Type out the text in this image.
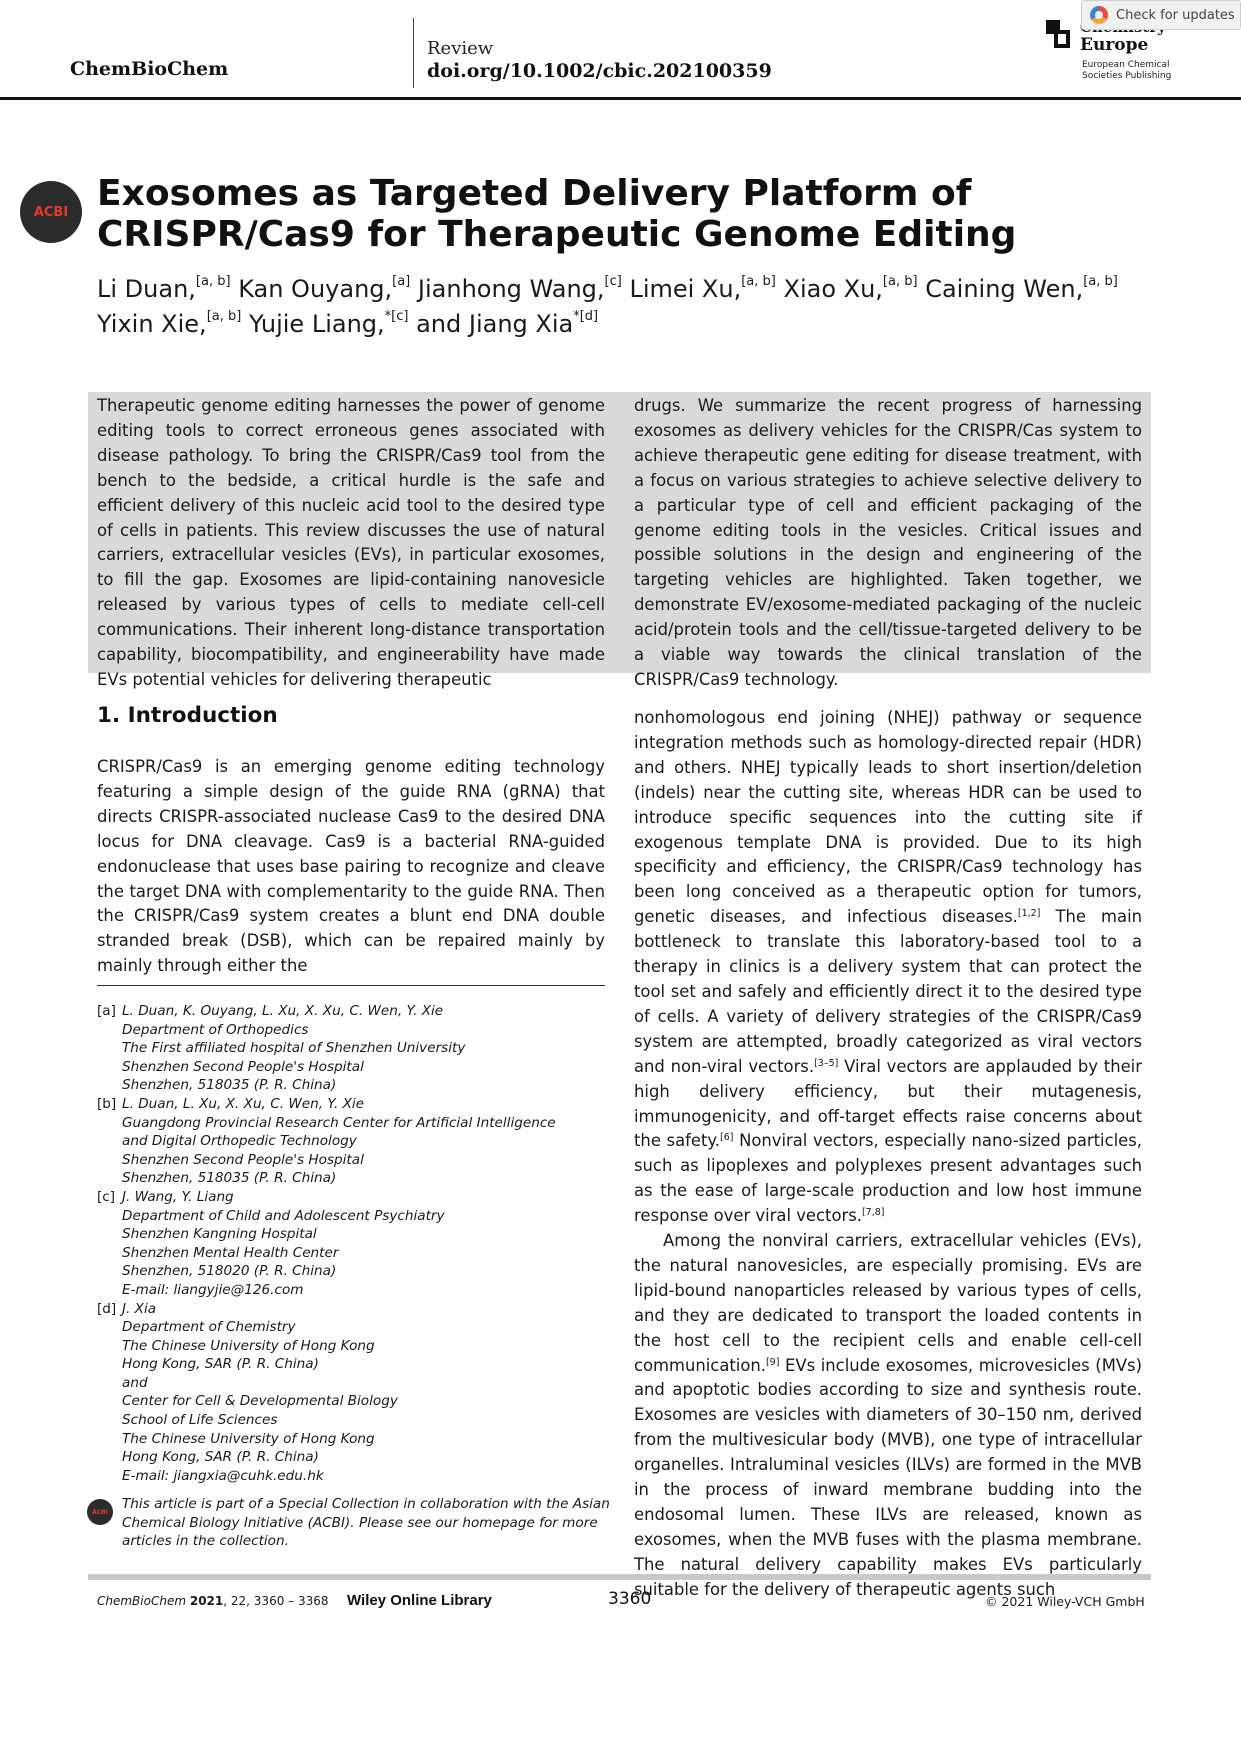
ChemBioChem
Review
doi.org/10.1002/cbic.202100359
Europe
European Chemical
Societies Publishing
Check for updates
ACBI Exosomes as Targeted Delivery Platform of CRISPR/Cas9 for Therapeutic Genome Editing
Li Duan,[a, b] Kan Ouyang,[a] Jianhong Wang,[c] Limei Xu,[a, b] Xiao Xu,[a, b] Caining Wen,[a, b] Yixin Xie,[a, b] Yujie Liang,$^{*[c]}$ and Jiang Xia$^{*[d]}$
Therapeutic genome editing harnesses the power of genome editing tools to correct erroneous genes associated with disease pathology. To bring the CRISPR/Cas9 tool from the bench to the bedside, a critical hurdle is the safe and efficient delivery of this nucleic acid tool to the desired type of cells in patients. This review discusses the use of natural carriers, extracellular vesicles (EVs), in particular exosomes, to fill the gap. Exosomes are lipid-containing nanovesicle released by various types of cells to mediate cell-cell communications. Their inherent long-distance transportation capability, biocompatibility, and engineerability have made EVs potential vehicles for delivering therapeutic
drugs. We summarize the recent progress of harnessing exosomes as delivery vehicles for the CRISPR/Cas system to achieve therapeutic gene editing for disease treatment, with a focus on various strategies to achieve selective delivery to a particular type of cell and efficient packaging of the genome editing tools in the vesicles. Critical issues and possible solutions in the design and engineering of the targeting vehicles are highlighted. Taken together, we demonstrate EV/exosome-mediated packaging of the nucleic acid/protein tools and the cell/tissue-targeted delivery to be a viable way towards the clinical translation of the CRISPR/Cas9 technology.
1. Introduction

CRISPR/Cas9 is an emerging genome editing technology featuring a simple design of the guide RNA (gRNA) that directs CRISPR-associated nuclease Cas9 to the desired DNA locus for DNA cleavage. Cas9 is a bacterial RNA-guided endonuclease that uses base pairing to recognize and cleave the target DNA with complementarity to the guide RNA. Then the CRISPR/Cas9 system creates a blunt end DNA double stranded break (DSB), which can be repaired mainly by mainly through either the

nonhomologous end joining (NHEJ) pathway or sequence integration methods such as homology-directed repair (HDR) and others. NHEJ typically leads to short insertion/deletion (indels) near the cutting site, whereas HDR can be used to introduce specific sequences into the cutting site if exogenous template DNA is provided. Due to its high specificity and efficiency, the CRISPR/Cas9 technology has been long conceived as a therapeutic option for tumors, genetic diseases, and infectious diseases.[1,2] The main bottleneck to translate this laboratory-based tool to a therapy in clinics is a delivery system that can protect the tool set and safely and efficiently direct it to the desired type of cells. A variety of delivery strategies of the CRISPR/Cas9 system are attempted, broadly categorized as viral vectors and non-viral vectors.[3–5] Viral vectors are applauded by their high delivery efficiency, but their mutagenesis, immunogenicity, and off-target effects raise concerns about the safety.[6] Nonviral vectors, especially nano-sized particles, such as lipoplexes and polyplexes present advantages such as the ease of large-scale production and low host immune response over viral vectors.[7,8]

Among the nonviral carriers, extracellular vehicles (EVs), the natural nanovesicles, are especially promising. EVs are lipid-bound nanoparticles released by various types of cells, and they are dedicated to transport the loaded contents in the host cell to the recipient cells and enable cell-cell communication.[9] EVs include exosomes, microvesicles (MVs) and apoptotic bodies according to size and synthesis route. Exosomes are vesicles with diameters of 30–150 nm, derived from the multivesicular body (MVB), one type of intracellular organelles. Intraluminal vesicles (ILVs) are formed in the MVB in the process of inward membrane budding into the endosomal lumen. These ILVs are released, known as exosomes, when the MVB fuses with the plasma membrane. The natural delivery capability makes EVs particularly suitable for the delivery of therapeutic agents such

[a] L. Duan, K. Ouyang, L. Xu, X. Xu, C. Wen, Y. Xie
Department of Orthopedics
The First affiliated hospital of Shenzhen University
Shenzhen Second People's Hospital
Shenzhen, 518035 (P. R. China)
[b] L. Duan, L. Xu, X. Xu, C. Wen, Y. Xie
Guangdong Provincial Research Center for Artificial Intelligence
and Digital Orthopedic Technology
Shenzhen Second People's Hospital
Shenzhen, 518035 (P. R. China)
[c] J. Wang, Y. Liang
Department of Child and Adolescent Psychiatry
Shenzhen Kangning Hospital
Shenzhen Mental Health Center
Shenzhen, 518020 (P. R. China)
E-mail: liangyjie@126.com
[d] J. Xia
Department of Chemistry
The Chinese University of Hong Kong
Hong Kong, SAR (P. R. China)
and
Center for Cell & Developmental Biology
School of Life Sciences
The Chinese University of Hong Kong
Hong Kong, SAR (P. R. China)
E-mail: jiangxia@cuhk.edu.hk
ACBI This article is part of a Special Collection in collaboration with the Asian Chemical Biology Initiative (ACBI). Please see our homepage for more articles in the collection.
ChemBioChem 2021, 22, 3360 – 3368 Wiley Online Library	3360	© 2021 Wiley-VCH GmbH
